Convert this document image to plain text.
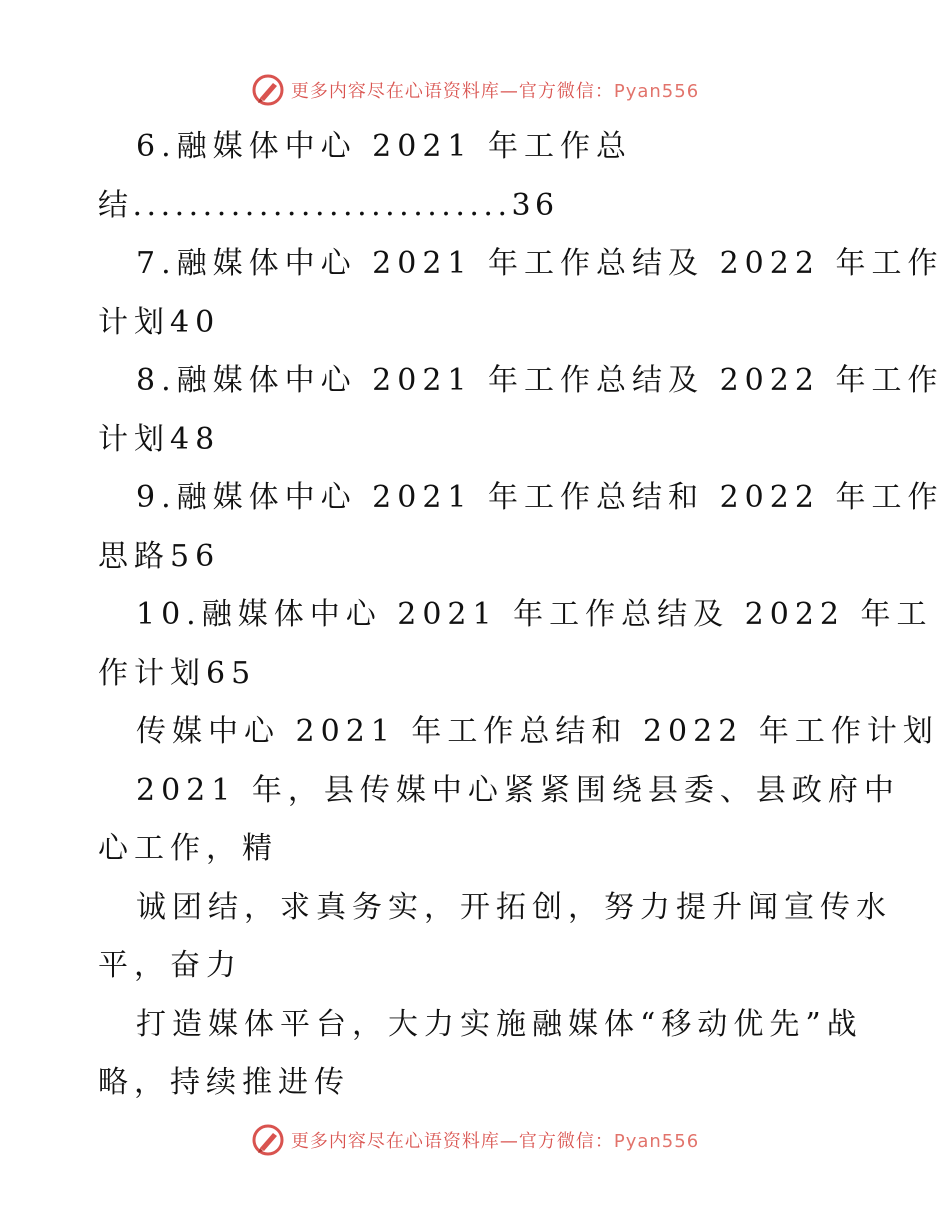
更多内容尽在心语资料库—官方微信：Pyan556
6.融媒体中心 2021 年工作总
结...........................36
7.融媒体中心 2021 年工作总结及 2022 年工作
计划40
8.融媒体中心 2021 年工作总结及 2022 年工作
计划48
9.融媒体中心 2021 年工作总结和 2022 年工作
思路56
10.融媒体中心 2021 年工作总结及 2022 年工
作计划65
传媒中心 2021 年工作总结和 2022 年工作计划
2021 年，县传媒中心紧紧围绕县委、县政府中
心工作，精
诚团结，求真务实，开拓创，努力提升闻宣传水
平，奋力
打造媒体平台，大力实施融媒体“移动优先”战
略，持续推进传
更多内容尽在心语资料库—官方微信：Pyan556
